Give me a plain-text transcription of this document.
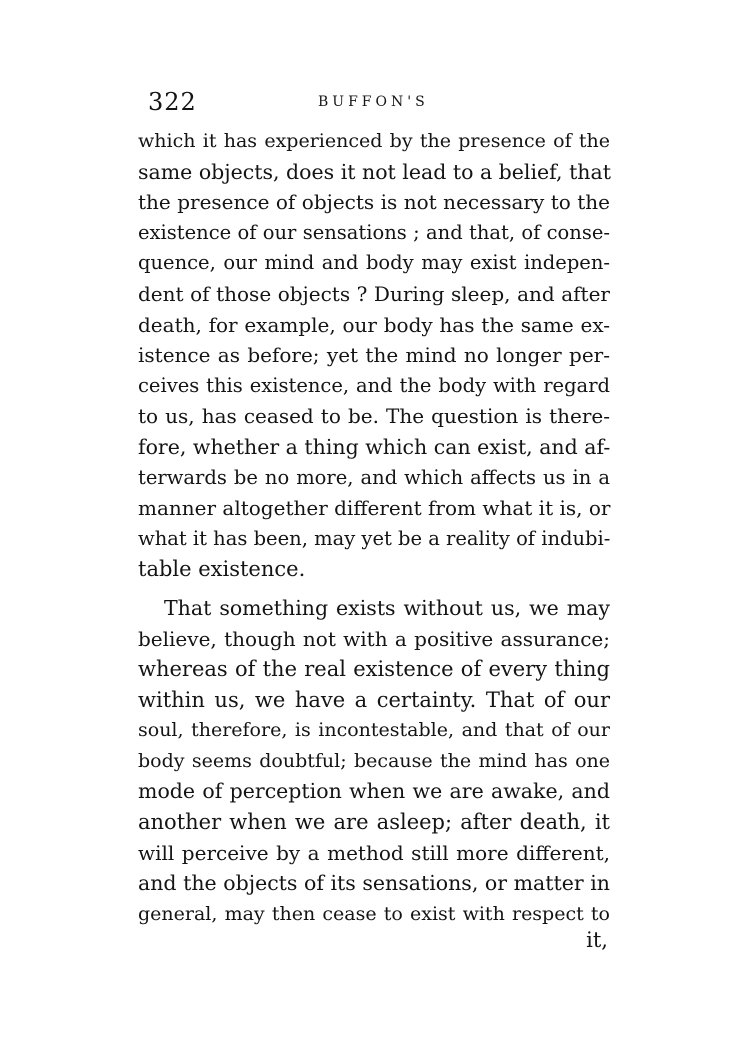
322	BUFFON'S
which it has experienced by the presence of the
same objects, does it not lead to a belief, that
the presence of objects is not necessary to the
existence of our sensations ; and that, of conse-
quence, our mind and body may exist indepen-
dent of those objects ? During sleep, and after
death, for example, our body has the same ex-
istence as before; yet the mind no longer per-
ceives this existence, and the body with regard
to us, has ceased to be. The question is there-
fore, whether a thing which can exist, and af-
terwards be no more, and which affects us in a
manner altogether different from what it is, or
what it has been, may yet be a reality of indubi-
table existence.
That something exists without us, we may
believe, though not with a positive assurance;
whereas of the real existence of every thing
within us, we have a certainty. That of our
soul, therefore, is incontestable, and that of our
body seems doubtful; because the mind has one
mode of perception when we are awake, and
another when we are asleep; after death, it
will perceive by a method still more different,
and the objects of its sensations, or matter in
general, may then cease to exist with respect to
it,
